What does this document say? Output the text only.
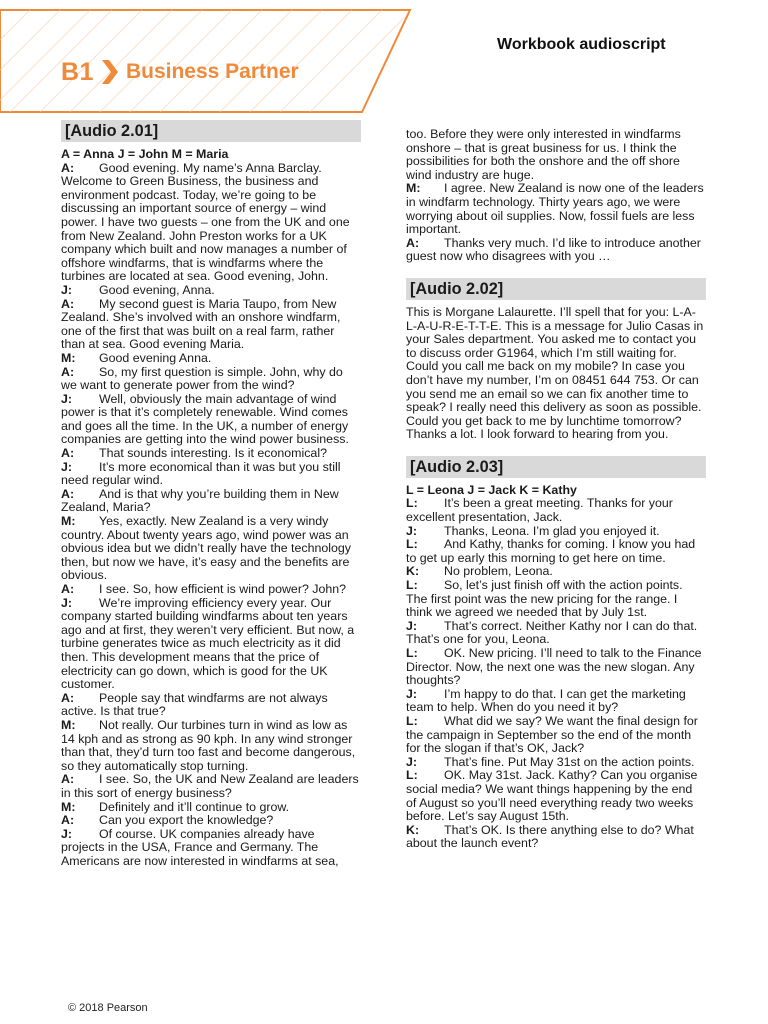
B1 Business Partner
Workbook audioscript
[Audio 2.01]
A = Anna J = John M = Maria
A: Good evening. My name’s Anna Barclay. Welcome to Green Business, the business and environment podcast. Today, we’re going to be discussing an important source of energy – wind power. I have two guests – one from the UK and one from New Zealand. John Preston works for a UK company which built and now manages a number of offshore windfarms, that is windfarms where the turbines are located at sea. Good evening, John.
J: Good evening, Anna.
A: My second guest is Maria Taupo, from New Zealand. She’s involved with an onshore windfarm, one of the first that was built on a real farm, rather than at sea. Good evening Maria.
M: Good evening Anna.
A: So, my first question is simple. John, why do we want to generate power from the wind?
J: Well, obviously the main advantage of wind power is that it’s completely renewable. Wind comes and goes all the time. In the UK, a number of energy companies are getting into the wind power business.
A: That sounds interesting. Is it economical?
J: It’s more economical than it was but you still need regular wind.
A: And is that why you’re building them in New Zealand, Maria?
M: Yes, exactly. New Zealand is a very windy country. About twenty years ago, wind power was an obvious idea but we didn’t really have the technology then, but now we have, it’s easy and the benefits are obvious.
A: I see. So, how efficient is wind power? John?
J: We’re improving efficiency every year. Our company started building windfarms about ten years ago and at first, they weren’t very efficient. But now, a turbine generates twice as much electricity as it did then. This development means that the price of electricity can go down, which is good for the UK customer.
A: People say that windfarms are not always active. Is that true?
M: Not really. Our turbines turn in wind as low as 14 kph and as strong as 90 kph. In any wind stronger than that, they’d turn too fast and become dangerous, so they automatically stop turning.
A: I see. So, the UK and New Zealand are leaders in this sort of energy business?
M: Definitely and it’ll continue to grow.
A: Can you export the knowledge?
J: Of course. UK companies already have projects in the USA, France and Germany. The Americans are now interested in windfarms at sea,
too. Before they were only interested in windfarms onshore – that is great business for us. I think the possibilities for both the onshore and the off shore wind industry are huge.
M: I agree. New Zealand is now one of the leaders in windfarm technology. Thirty years ago, we were worrying about oil supplies. Now, fossil fuels are less important.
A: Thanks very much. I’d like to introduce another guest now who disagrees with you …
[Audio 2.02]

This is Morgane Lalaurette. I’ll spell that for you: L-A-L-A-U-R-E-T-T-E. This is a message for Julio Casas in your Sales department. You asked me to contact you to discuss order G1964, which I’m still waiting for. Could you call me back on my mobile? In case you don’t have my number, I’m on 08451 644 753. Or can you send me an email so we can fix another time to speak? I really need this delivery as soon as possible. Could you get back to me by lunchtime tomorrow? Thanks a lot. I look forward to hearing from you.

[Audio 2.03]
L = Leona J = Jack K = Kathy
L: It’s been a great meeting. Thanks for your excellent presentation, Jack.
J: Thanks, Leona. I’m glad you enjoyed it.
L: And Kathy, thanks for coming. I know you had to get up early this morning to get here on time.
K: No problem, Leona.
L: So, let’s just finish off with the action points. The first point was the new pricing for the range. I think we agreed we needed that by July 1st.
J: That’s correct. Neither Kathy nor I can do that. That’s one for you, Leona.
L: OK. New pricing. I’ll need to talk to the Finance Director. Now, the next one was the new slogan. Any thoughts?
J: I’m happy to do that. I can get the marketing team to help. When do you need it by?
L: What did we say? We want the final design for the campaign in September so the end of the month for the slogan if that’s OK, Jack?
J: That’s fine. Put May 31st on the action points.
L: OK. May 31st. Jack. Kathy? Can you organise social media? We want things happening by the end of August so you’ll need everything ready two weeks before. Let’s say August 15th.
K: That’s OK. Is there anything else to do? What about the launch event?
© 2018 Pearson
